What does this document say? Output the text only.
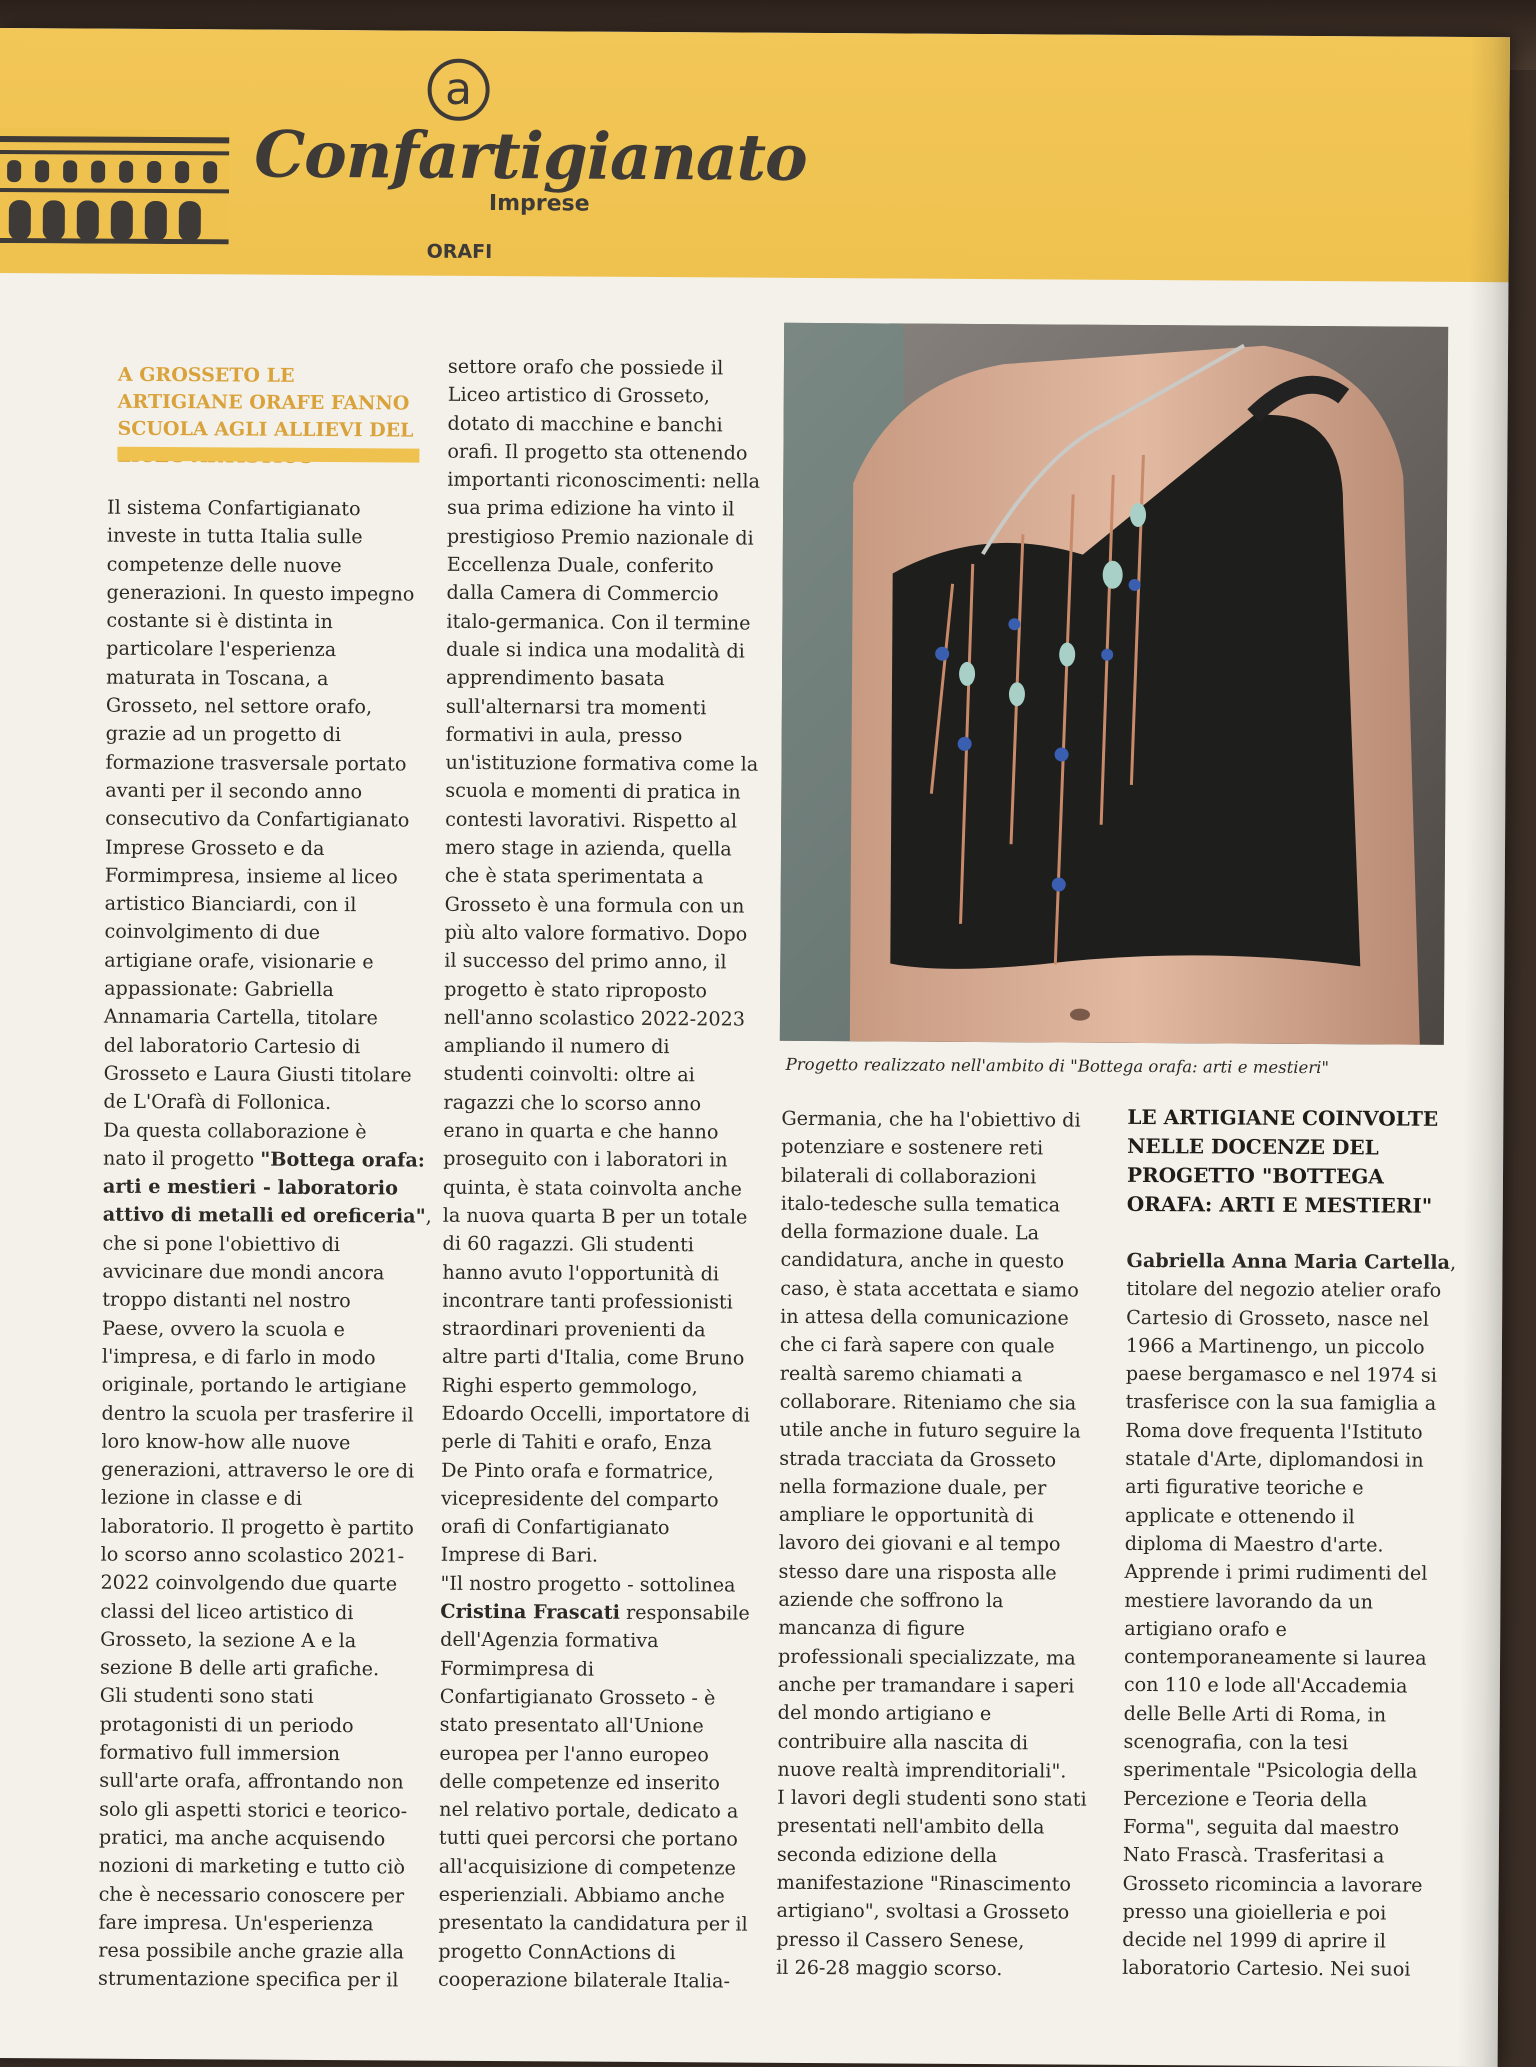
a
Confartigianato
Imprese
ORAFI
A GROSSETO LE ARTIGIANE ORAFE FANNO SCUOLA AGLI ALLIEVI DEL
Il sistema Confartigianato
investe in tutta Italia sulle
competenze delle nuove
generazioni. In questo impegno
costante si è distinta in
particolare l'esperienza
maturata in Toscana, a
Grosseto, nel settore orafo,
grazie ad un progetto di
formazione trasversale portato
avanti per il secondo anno
consecutivo da Confartigianato
Imprese Grosseto e da
Formimpresa, insieme al liceo
artistico Bianciardi, con il
coinvolgimento di due
artigiane orafe, visionarie e
appassionate: Gabriella
Annamaria Cartella, titolare
del laboratorio Cartesio di
Grosseto e Laura Giusti titolare
de L'Orafà di Follonica.
Da questa collaborazione è
nato il progetto "Bottega orafa:
arti e mestieri - laboratorio
attivo di metalli ed oreficeria",
che si pone l'obiettivo di
avvicinare due mondi ancora
troppo distanti nel nostro
Paese, ovvero la scuola e
l'impresa, e di farlo in modo
originale, portando le artigiane
dentro la scuola per trasferire il
loro know-how alle nuove
generazioni, attraverso le ore di
lezione in classe e di
laboratorio. Il progetto è partito
lo scorso anno scolastico 2021-
2022 coinvolgendo due quarte
classi del liceo artistico di
Grosseto, la sezione A e la
sezione B delle arti grafiche.
Gli studenti sono stati
protagonisti di un periodo
formativo full immersion
sull'arte orafa, affrontando non
solo gli aspetti storici e teorico-
pratici, ma anche acquisendo
nozioni di marketing e tutto ciò
che è necessario conoscere per
fare impresa. Un'esperienza
resa possibile anche grazie alla
strumentazione specifica per il
settore orafo che possiede il
Liceo artistico di Grosseto,
dotato di macchine e banchi
orafi. Il progetto sta ottenendo
importanti riconoscimenti: nella
sua prima edizione ha vinto il
prestigioso Premio nazionale di
Eccellenza Duale, conferito
dalla Camera di Commercio
italo-germanica. Con il termine
duale si indica una modalità di
apprendimento basata
sull'alternarsi tra momenti
formativi in aula, presso
un'istituzione formativa come la
scuola e momenti di pratica in
contesti lavorativi. Rispetto al
mero stage in azienda, quella
che è stata sperimentata a
Grosseto è una formula con un
più alto valore formativo. Dopo
il successo del primo anno, il
progetto è stato riproposto
nell'anno scolastico 2022-2023
ampliando il numero di
studenti coinvolti: oltre ai
ragazzi che lo scorso anno
erano in quarta e che hanno
proseguito con i laboratori in
quinta, è stata coinvolta anche
la nuova quarta B per un totale
di 60 ragazzi. Gli studenti
hanno avuto l'opportunità di
incontrare tanti professionisti
straordinari provenienti da
altre parti d'Italia, come Bruno
Righi esperto gemmologo,
Edoardo Occelli, importatore di
perle di Tahiti e orafo, Enza
De Pinto orafa e formatrice,
vicepresidente del comparto
orafi di Confartigianato
Imprese di Bari.
"Il nostro progetto - sottolinea
Cristina Frascati responsabile
dell'Agenzia formativa
Formimpresa di
Confartigianato Grosseto - è
stato presentato all'Unione
europea per l'anno europeo
delle competenze ed inserito
nel relativo portale, dedicato a
tutti quei percorsi che portano
all'acquisizione di competenze
esperienziali. Abbiamo anche
presentato la candidatura per il
progetto ConnActions di
cooperazione bilaterale Italia-
Progetto realizzato nell'ambito di "Bottega orafa: arti e mestieri"
Germania, che ha l'obiettivo di
potenziare e sostenere reti
bilaterali di collaborazioni
italo-tedesche sulla tematica
della formazione duale. La
candidatura, anche in questo
caso, è stata accettata e siamo
in attesa della comunicazione
che ci farà sapere con quale
realtà saremo chiamati a
collaborare. Riteniamo che sia
utile anche in futuro seguire la
strada tracciata da Grosseto
nella formazione duale, per
ampliare le opportunità di
lavoro dei giovani e al tempo
stesso dare una risposta alle
aziende che soffrono la
mancanza di figure
professionali specializzate, ma
anche per tramandare i saperi
del mondo artigiano e
contribuire alla nascita di
nuove realtà imprenditoriali".
I lavori degli studenti sono stati
presentati nell'ambito della
seconda edizione della
manifestazione "Rinascimento
artigiano", svoltasi a Grosseto
presso il Cassero Senese,
il 26-28 maggio scorso.
LE ARTIGIANE COINVOLTE NELLE DOCENZE DEL PROGETTO "BOTTEGA ORAFA: ARTI E MESTIERI"
Gabriella Anna Maria Cartella,
titolare del negozio atelier orafo
Cartesio di Grosseto, nasce nel
1966 a Martinengo, un piccolo
paese bergamasco e nel 1974 si
trasferisce con la sua famiglia a
Roma dove frequenta l'Istituto
statale d'Arte, diplomandosi in
arti figurative teoriche e
applicate e ottenendo il
diploma di Maestro d'arte.
Apprende i primi rudimenti del
mestiere lavorando da un
artigiano orafo e
contemporaneamente si laurea
con 110 e lode all'Accademia
delle Belle Arti di Roma, in
scenografia, con la tesi
sperimentale "Psicologia della
Percezione e Teoria della
Forma", seguita dal maestro
Nato Frascà. Trasferitasi a
Grosseto ricomincia a lavorare
presso una gioielleria e poi
decide nel 1999 di aprire il
laboratorio Cartesio. Nei suoi
